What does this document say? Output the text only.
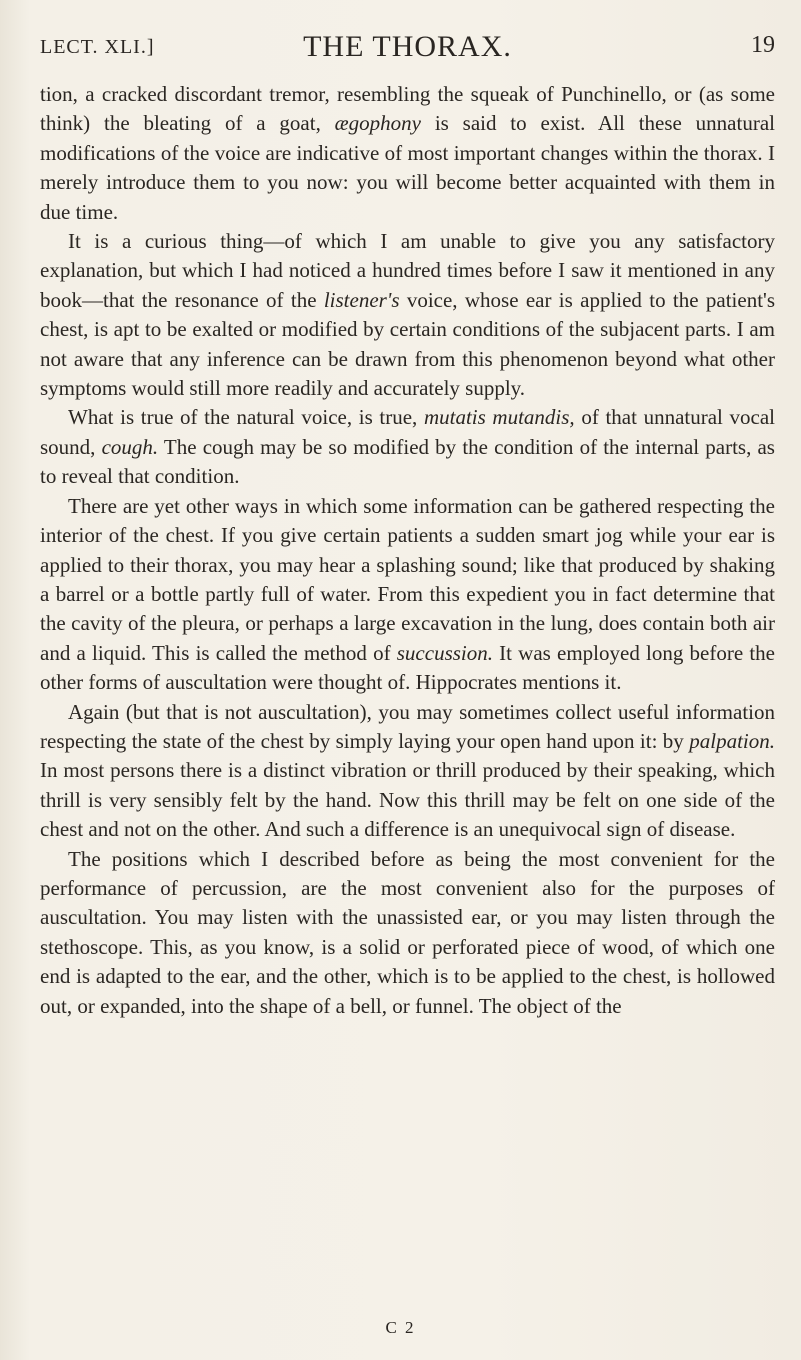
LECT. XLI.]	THE THORAX.	19

tion, a cracked discordant tremor, resembling the squeak of Punchinello, or (as some think) the bleating of a goat, ægophony is said to exist. All these unnatural modifications of the voice are indicative of most important changes within the thorax. I merely introduce them to you now: you will become better acquainted with them in due time.

It is a curious thing—of which I am unable to give you any satisfactory explanation, but which I had noticed a hundred times before I saw it mentioned in any book—that the resonance of the listener's voice, whose ear is applied to the patient's chest, is apt to be exalted or modified by certain conditions of the subjacent parts. I am not aware that any inference can be drawn from this phenomenon beyond what other symptoms would still more readily and accurately supply.

What is true of the natural voice, is true, mutatis mutandis, of that unnatural vocal sound, cough. The cough may be so modified by the condition of the internal parts, as to reveal that condition.

There are yet other ways in which some information can be gathered respecting the interior of the chest. If you give certain patients a sudden smart jog while your ear is applied to their thorax, you may hear a splashing sound; like that produced by shaking a barrel or a bottle partly full of water. From this expedient you in fact determine that the cavity of the pleura, or perhaps a large excavation in the lung, does contain both air and a liquid. This is called the method of succussion. It was employed long before the other forms of auscultation were thought of. Hippocrates mentions it.

Again (but that is not auscultation), you may sometimes collect useful information respecting the state of the chest by simply laying your open hand upon it: by palpation. In most persons there is a distinct vibration or thrill produced by their speaking, which thrill is very sensibly felt by the hand. Now this thrill may be felt on one side of the chest and not on the other. And such a difference is an unequivocal sign of disease.

The positions which I described before as being the most convenient for the performance of percussion, are the most convenient also for the purposes of auscultation. You may listen with the unassisted ear, or you may listen through the stethoscope. This, as you know, is a solid or perforated piece of wood, of which one end is adapted to the ear, and the other, which is to be applied to the chest, is hollowed out, or expanded, into the shape of a bell, or funnel. The object of the

C 2
